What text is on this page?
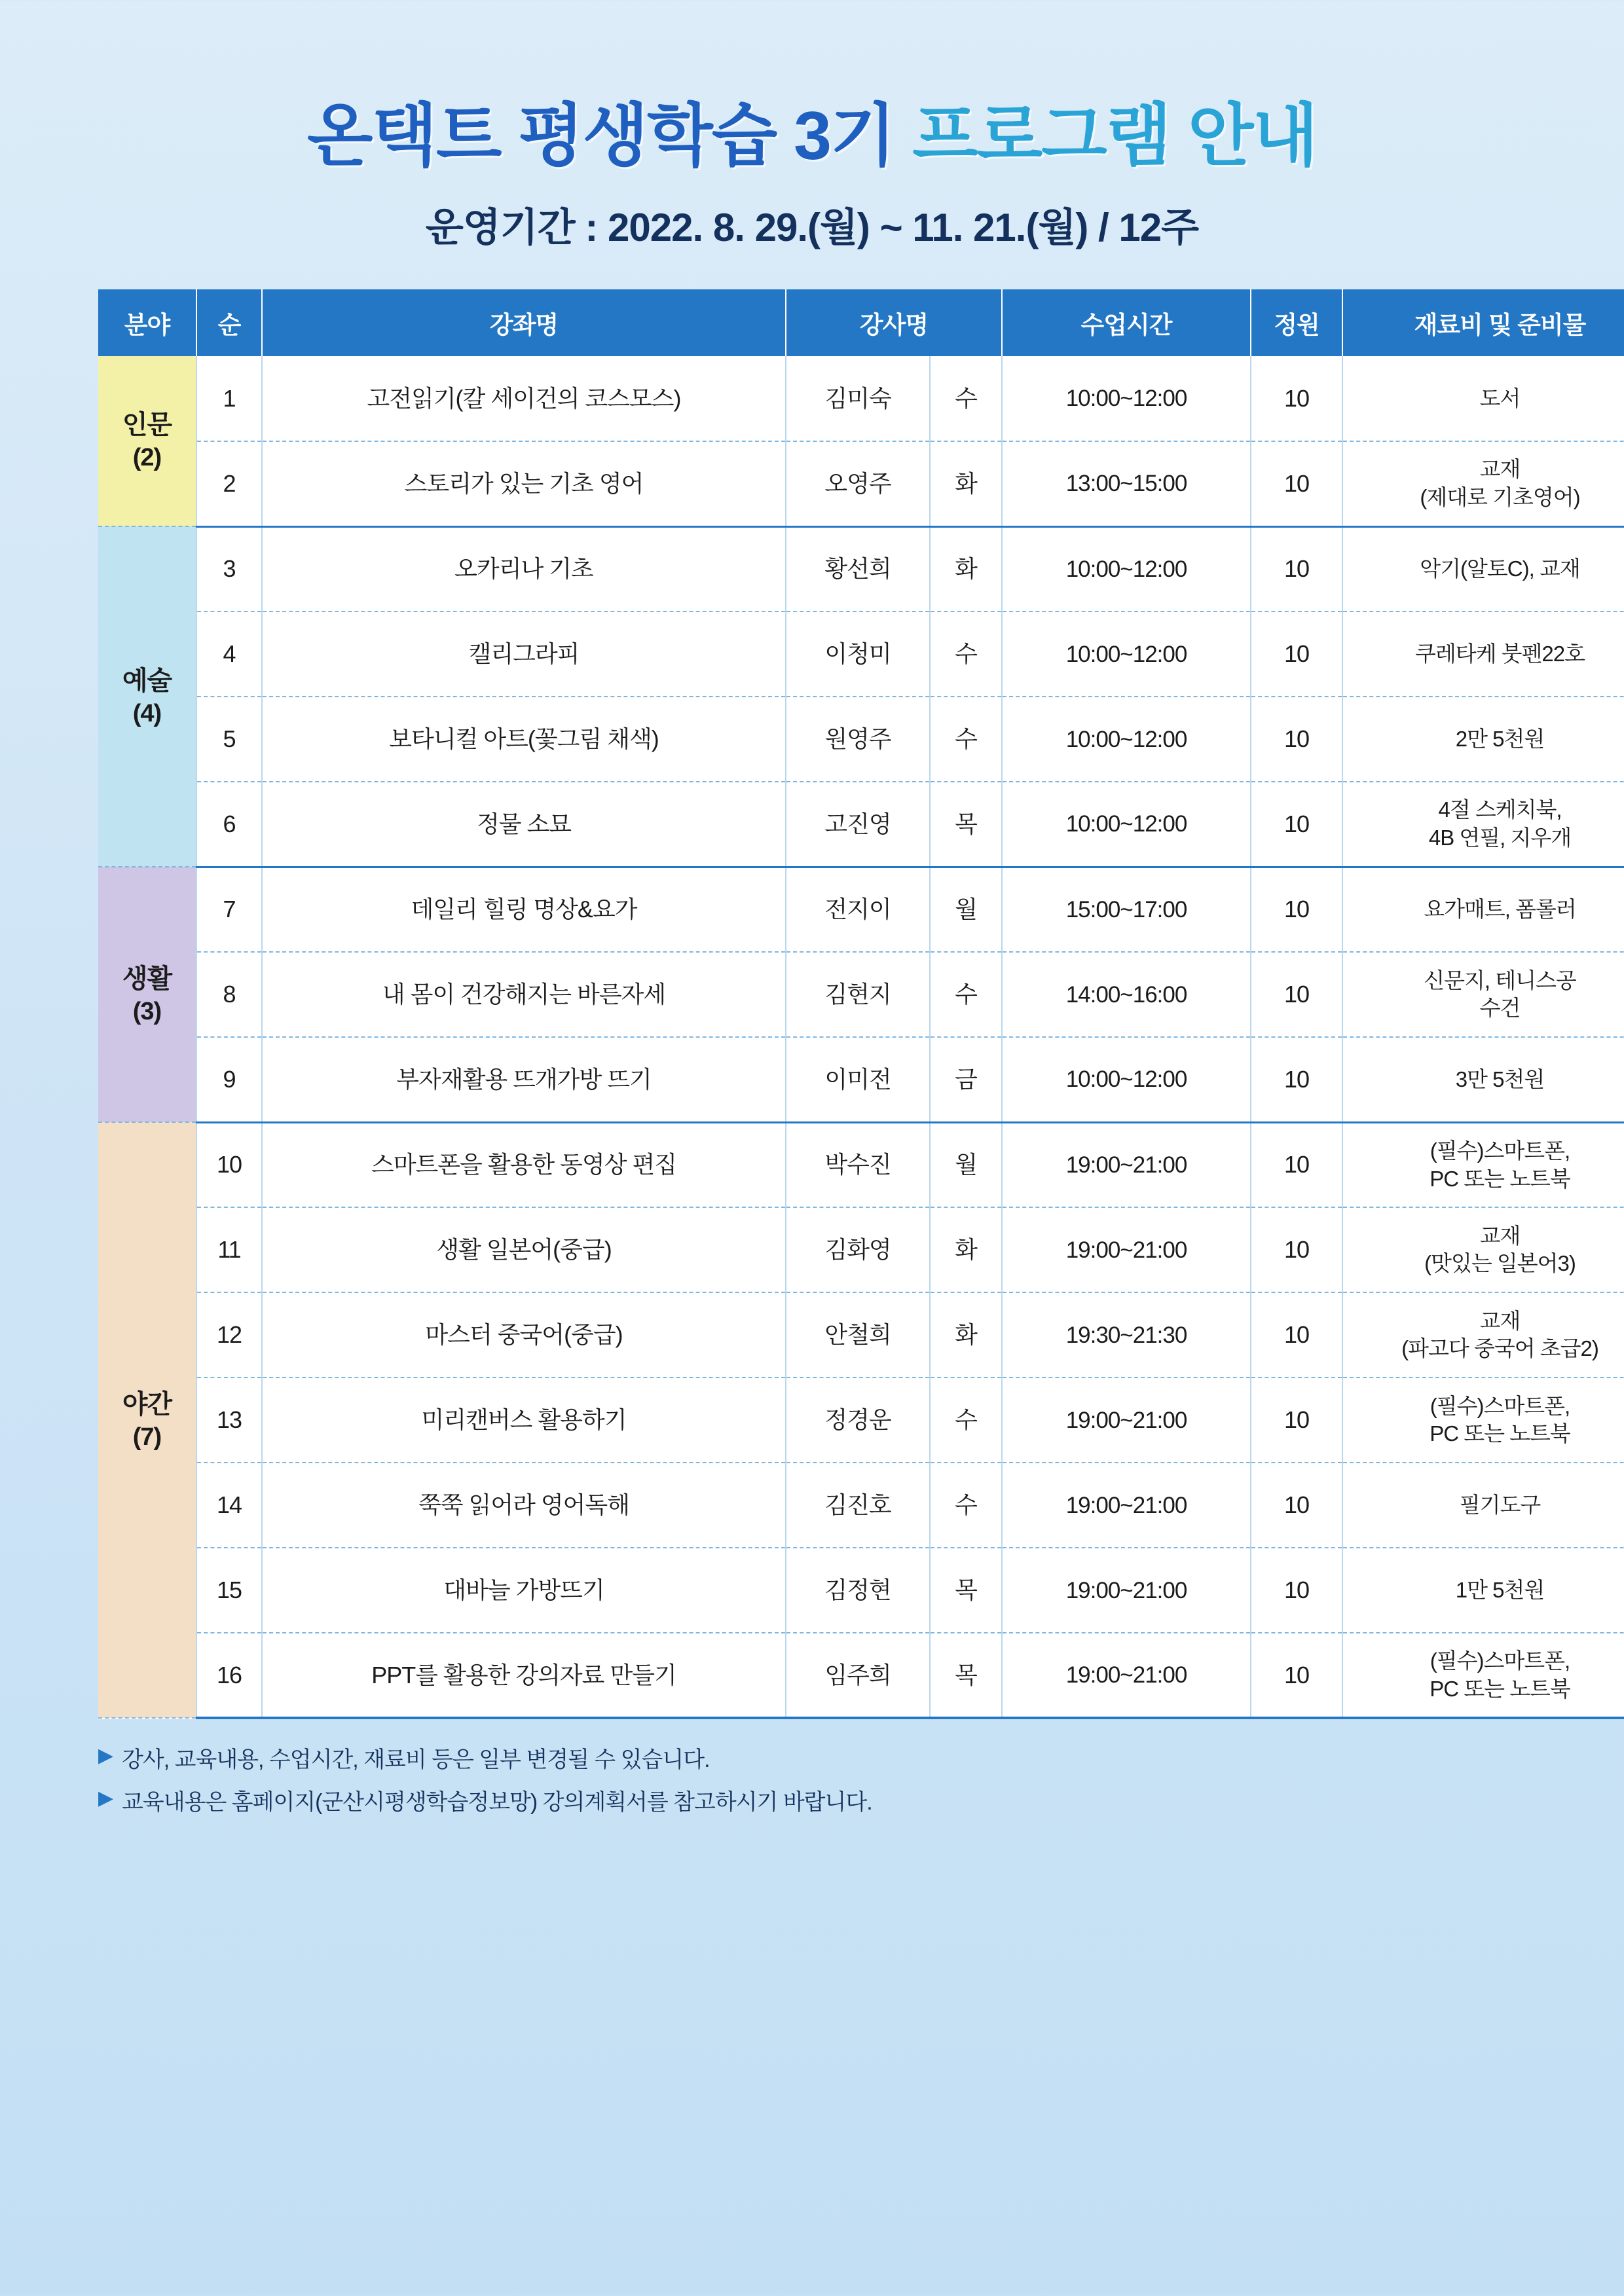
온택트 평생학습 3기 프로그램 안내
운영기간 : 2022. 8. 29.(월) ~ 11. 21.(월) / 12주
분야	순	강좌명	강사명		수업시간	정원	재료비 및 준비물
인문
(2)	1	고전읽기(칼 세이건의 코스모스)	김미숙	수	10:00~12:00	10	도서
	2	스토리가 있는 기초 영어	오영주	화	13:00~15:00	10	교재
(제대로 기초영어)
예술
(4)	3	오카리나 기초	황선희	화	10:00~12:00	10	악기(알토C), 교재
	4	캘리그라피	이청미	수	10:00~12:00	10	쿠레타케 붓펜22호
	5	보타니컬 아트(꽃그림 채색)	원영주	수	10:00~12:00	10	2만 5천원
	6	정물 소묘	고진영	목	10:00~12:00	10	4절 스케치북,
4B 연필, 지우개
생활
(3)	7	데일리 힐링 명상&요가	전지이	월	15:00~17:00	10	요가매트, 폼롤러
	8	내 몸이 건강해지는 바른자세	김현지	수	14:00~16:00	10	신문지, 테니스공
수건
	9	부자재활용 뜨개가방 뜨기	이미전	금	10:00~12:00	10	3만 5천원
야간
(7)	10	스마트폰을 활용한 동영상 편집	박수진	월	19:00~21:00	10	(필수)스마트폰,
PC 또는 노트북
	11	생활 일본어(중급)	김화영	화	19:00~21:00	10	교재
(맛있는 일본어3)
	12	마스터 중국어(중급)	안철희	화	19:30~21:30	10	교재
(파고다 중국어 초급2)
	13	미리캔버스 활용하기	정경운	수	19:00~21:00	10	(필수)스마트폰,
PC 또는 노트북
	14	쭉쭉 읽어라 영어독해	김진호	수	19:00~21:00	10	필기도구
	15	대바늘 가방뜨기	김정현	목	19:00~21:00	10	1만 5천원
	16	PPT를 활용한 강의자료 만들기	임주희	목	19:00~21:00	10	(필수)스마트폰,
PC 또는 노트북
▶ 강사, 교육내용, 수업시간, 재료비 등은 일부 변경될 수 있습니다.
▶ 교육내용은 홈페이지(군산시평생학습정보망) 강의계획서를 참고하시기 바랍니다.
